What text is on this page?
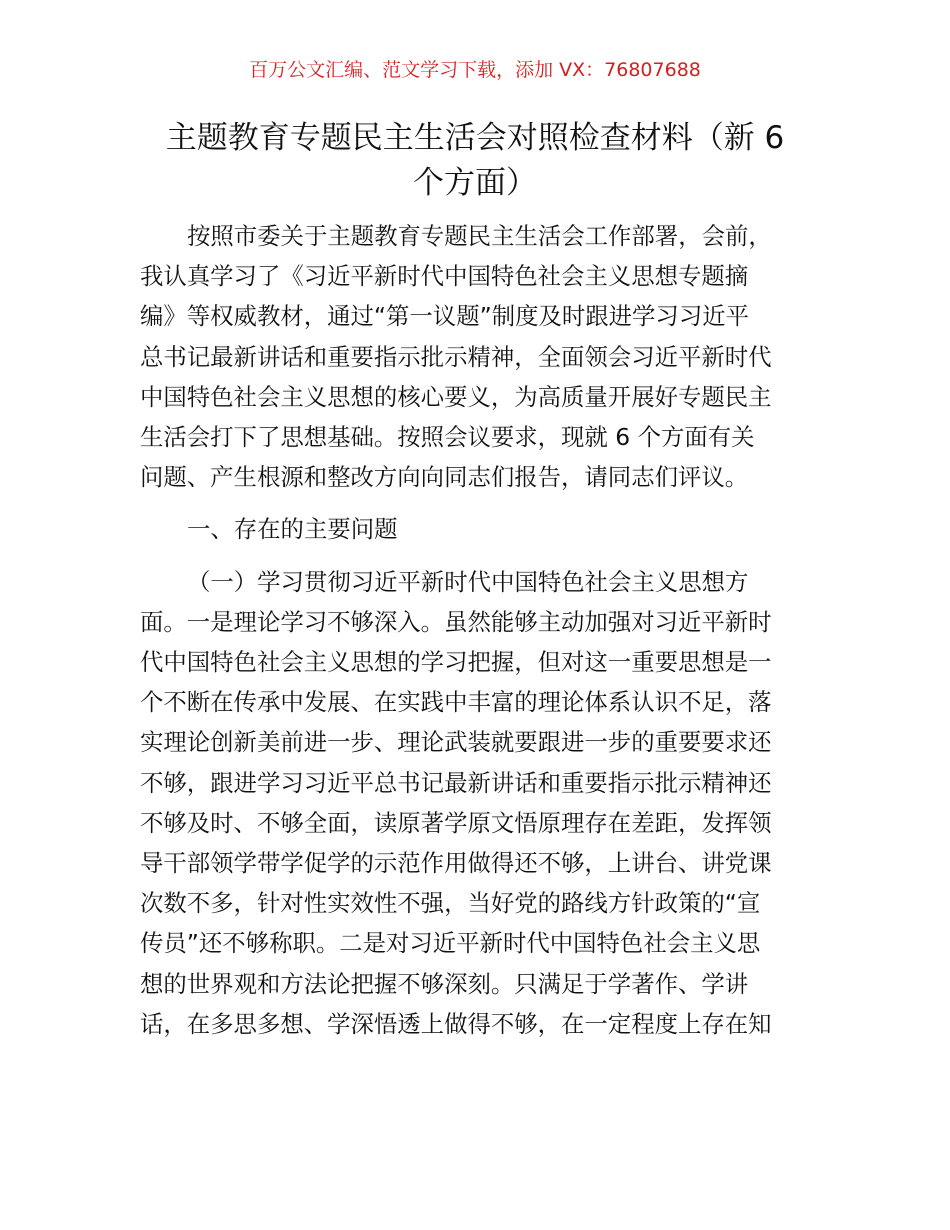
百万公文汇编、范文学习下载，添加 VX：76807688
主题教育专题民主生活会对照检查材料（新 6
个方面）

按照市委关于主题教育专题民主生活会工作部署，会前，
我认真学习了《习近平新时代中国特色社会主义思想专题摘
编》等权威教材，通过“第一议题”制度及时跟进学习习近平
总书记最新讲话和重要指示批示精神，全面领会习近平新时代
中国特色社会主义思想的核心要义，为高质量开展好专题民主
生活会打下了思想基础。按照会议要求，现就 6 个方面有关
问题、产生根源和整改方向向同志们报告，请同志们评议。

一、存在的主要问题

（一）学习贯彻习近平新时代中国特色社会主义思想方
面。一是理论学习不够深入。虽然能够主动加强对习近平新时
代中国特色社会主义思想的学习把握，但对这一重要思想是一
个不断在传承中发展、在实践中丰富的理论体系认识不足，落
实理论创新美前进一步、理论武装就要跟进一步的重要要求还
不够，跟进学习习近平总书记最新讲话和重要指示批示精神还
不够及时、不够全面，读原著学原文悟原理存在差距，发挥领
导干部领学带学促学的示范作用做得还不够，上讲台、讲党课
次数不多，针对性实效性不强，当好党的路线方针政策的“宣
传员”还不够称职。二是对习近平新时代中国特色社会主义思
想的世界观和方法论把握不够深刻。只满足于学著作、学讲
话，在多思多想、学深悟透上做得不够，在一定程度上存在知
